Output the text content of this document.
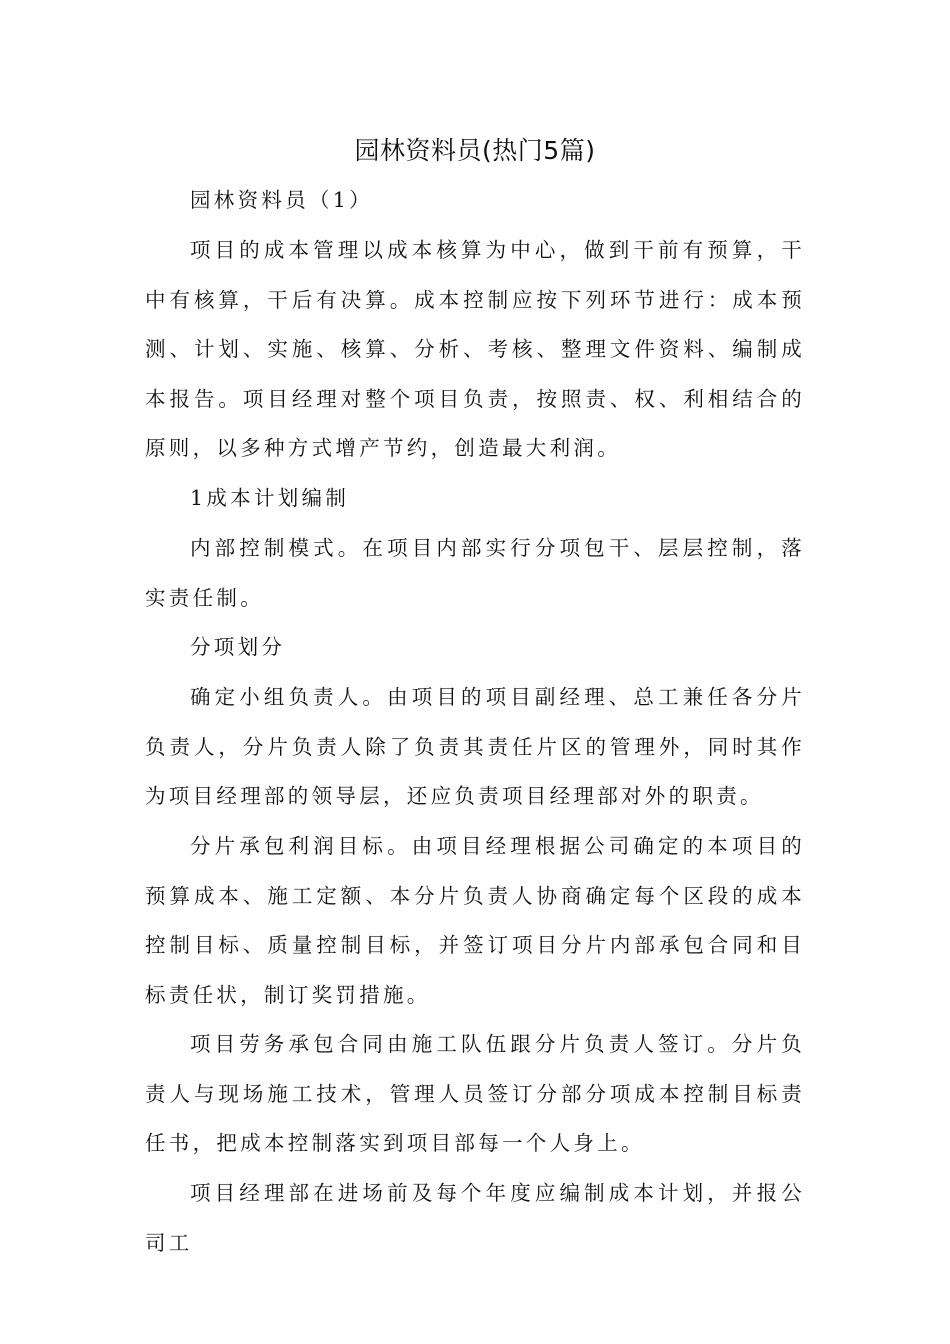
园林资料员(热门5篇)

园林资料员（1）

项目的成本管理以成本核算为中心，做到干前有预算，干中有核算，干后有决算。成本控制应按下列环节进行：成本预测、计划、实施、核算、分析、考核、整理文件资料、编制成本报告。项目经理对整个项目负责，按照责、权、利相结合的原则，以多种方式增产节约，创造最大利润。

1成本计划编制

内部控制模式。在项目内部实行分项包干、层层控制，落实责任制。

分项划分

确定小组负责人。由项目的项目副经理、总工兼任各分片负责人，分片负责人除了负责其责任片区的管理外，同时其作为项目经理部的领导层，还应负责项目经理部对外的职责。

分片承包利润目标。由项目经理根据公司确定的本项目的预算成本、施工定额、本分片负责人协商确定每个区段的成本控制目标、质量控制目标，并签订项目分片内部承包合同和目标责任状，制订奖罚措施。

项目劳务承包合同由施工队伍跟分片负责人签订。分片负责人与现场施工技术，管理人员签订分部分项成本控制目标责任书，把成本控制落实到项目部每一个人身上。

项目经理部在进场前及每个年度应编制成本计划，并报公司工
